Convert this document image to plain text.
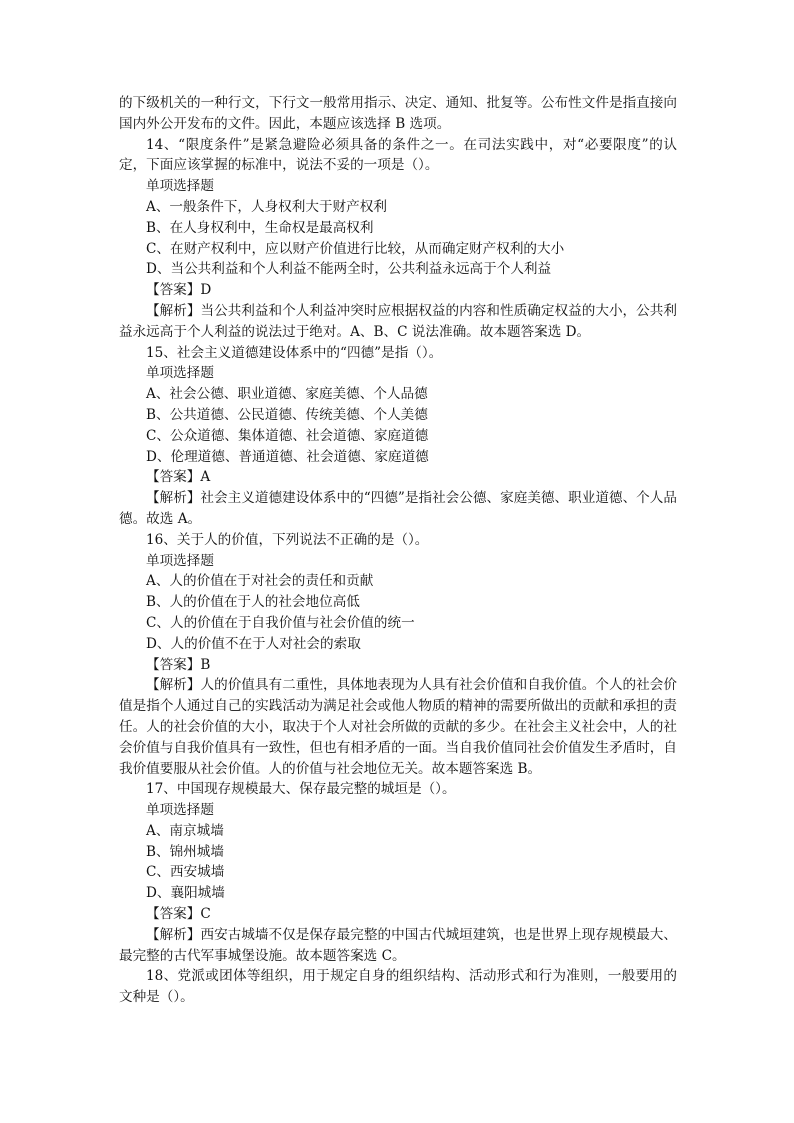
的下级机关的一种行文，下行文一般常用指示、决定、通知、批复等。公布性文件是指直接向国内外公开发布的文件。因此，本题应该选择 B 选项。

14、“限度条件”是紧急避险必须具备的条件之一。在司法实践中，对“必要限度”的认定，下面应该掌握的标准中，说法不妥的一项是（）。

单项选择题

A、一般条件下，人身权利大于财产权利

B、在人身权利中，生命权是最高权利

C、在财产权利中，应以财产价值进行比较，从而确定财产权利的大小

D、当公共利益和个人利益不能两全时，公共利益永远高于个人利益

【答案】D

【解析】当公共利益和个人利益冲突时应根据权益的内容和性质确定权益的大小，公共利益永远高于个人利益的说法过于绝对。A、B、C 说法准确。故本题答案选 D。

15、社会主义道德建设体系中的“四德”是指（）。

单项选择题

A、社会公德、职业道德、家庭美德、个人品德

B、公共道德、公民道德、传统美德、个人美德

C、公众道德、集体道德、社会道德、家庭道德

D、伦理道德、普通道德、社会道德、家庭道德

【答案】A

【解析】社会主义道德建设体系中的“四德”是指社会公德、家庭美德、职业道德、个人品德。故选 A。

16、关于人的价值，下列说法不正确的是（）。

单项选择题

A、人的价值在于对社会的责任和贡献

B、人的价值在于人的社会地位高低

C、人的价值在于自我价值与社会价值的统一

D、人的价值不在于人对社会的索取

【答案】B

【解析】人的价值具有二重性，具体地表现为人具有社会价值和自我价值。个人的社会价值是指个人通过自己的实践活动为满足社会或他人物质的精神的需要所做出的贡献和承担的责任。人的社会价值的大小，取决于个人对社会所做的贡献的多少。在社会主义社会中，人的社会价值与自我价值具有一致性，但也有相矛盾的一面。当自我价值同社会价值发生矛盾时，自我价值要服从社会价值。人的价值与社会地位无关。故本题答案选 B。

17、中国现存规模最大、保存最完整的城垣是（）。

单项选择题

A、南京城墙

B、锦州城墙

C、西安城墙

D、襄阳城墙

【答案】C

【解析】西安古城墙不仅是保存最完整的中国古代城垣建筑，也是世界上现存规模最大、最完整的古代军事城堡设施。故本题答案选 C。

18、党派或团体等组织，用于规定自身的组织结构、活动形式和行为准则，一般要用的文种是（）。
